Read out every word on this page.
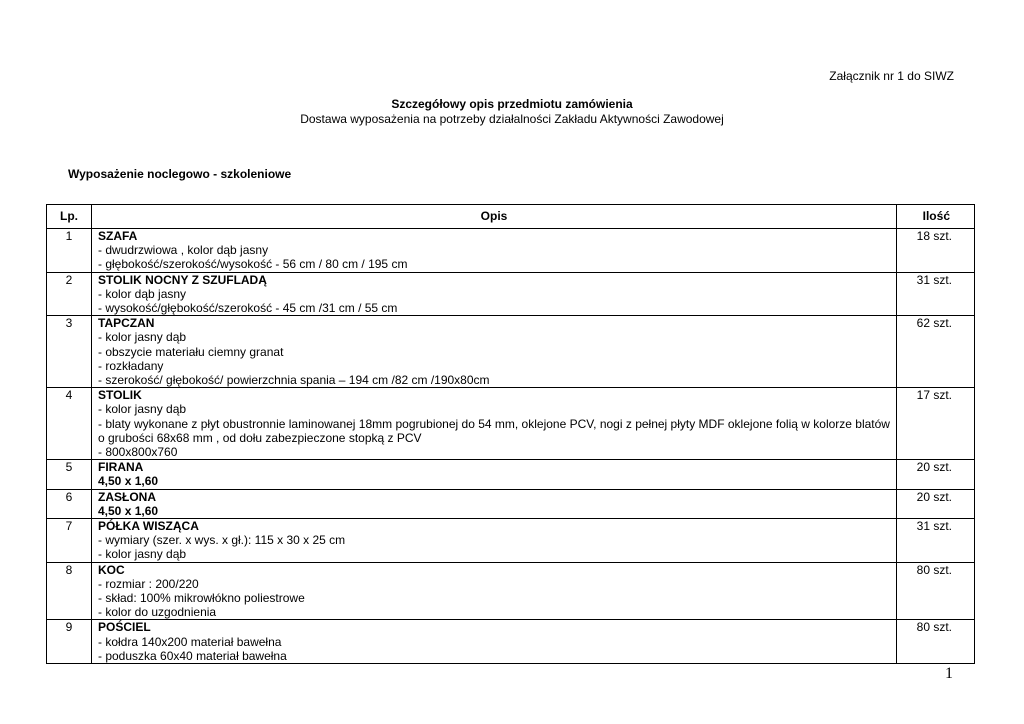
Załącznik nr 1 do SIWZ
Szczegółowy opis przedmiotu zamówienia
Dostawa wyposażenia na potrzeby działalności Zakładu Aktywności Zawodowej
Wyposażenie noclegowo - szkoleniowe
Lp.	Opis	Ilość
1	SZAFA
- dwudrzwiowa , kolor dąb jasny
- głębokość/szerokość/wysokość - 56 cm / 80 cm / 195 cm	18 szt.
2	STOLIK NOCNY Z SZUFLADĄ
- kolor dąb jasny
- wysokość/głębokość/szerokość - 45 cm /31 cm / 55 cm	31 szt.
3	TAPCZAN
- kolor jasny dąb
- obszycie materiału ciemny granat
- rozkładany
- szerokość/ głębokość/ powierzchnia spania – 194 cm /82 cm /190x80cm	62 szt.
4	STOLIK
- kolor jasny dąb
- blaty wykonane z płyt obustronnie laminowanej 18mm pogrubionej do 54 mm, oklejone PCV, nogi z pełnej płyty MDF oklejone folią w kolorze blatów o grubości 68x68 mm , od dołu zabezpieczone stopką z PCV
- 800x800x760	17 szt.
5	FIRANA
4,50 x 1,60	20 szt.
6	ZASŁONA
4,50 x 1,60	20 szt.
7	PÓŁKA WISZĄCA
- wymiary (szer. x wys. x gł.): 115 x 30 x 25 cm
- kolor jasny dąb	31 szt.
8	KOC
- rozmiar : 200/220
- skład: 100% mikrowłókno poliestrowe
- kolor do uzgodnienia	80 szt.
9	POŚCIEL
- kołdra 140x200 materiał bawełna
- poduszka 60x40 materiał bawełna	80 szt.
1
